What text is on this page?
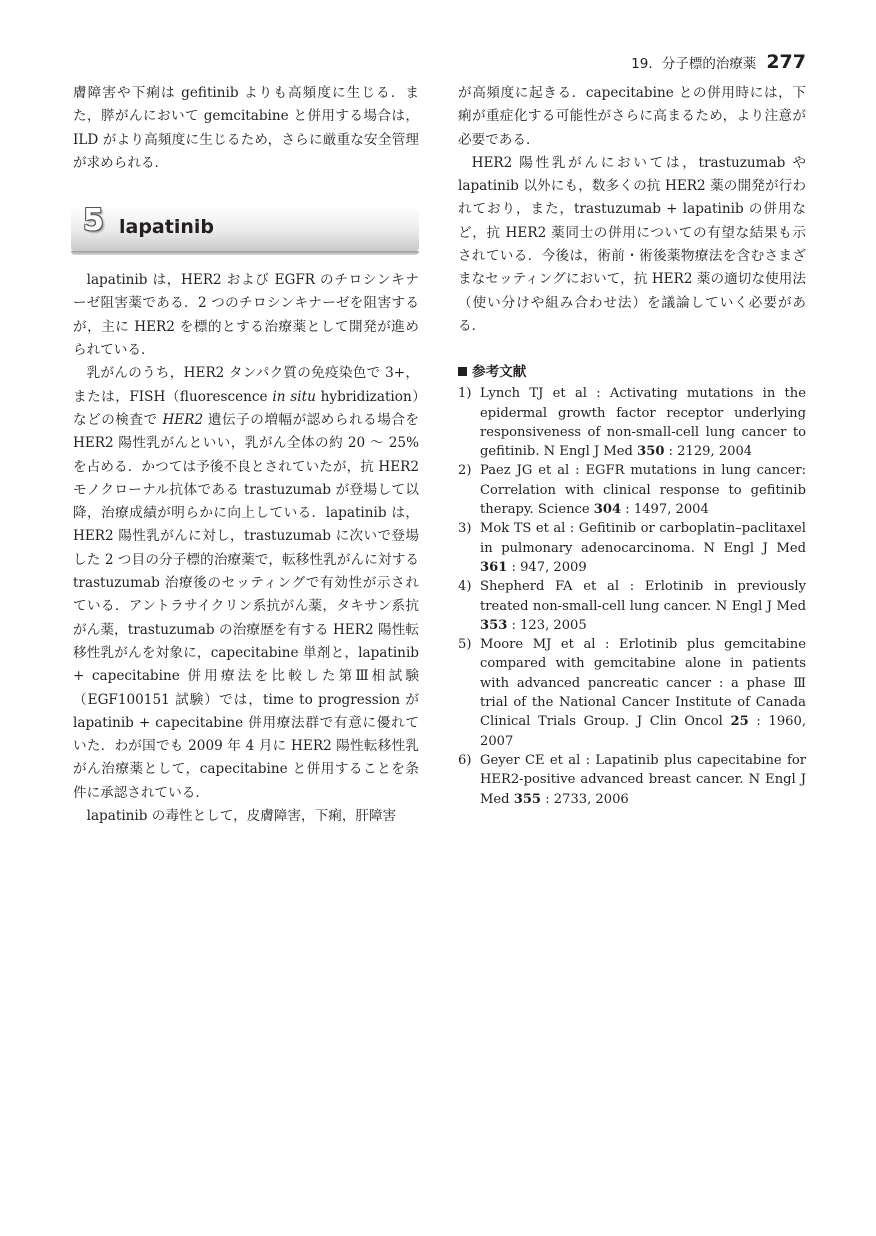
19．分子標的治療薬 277

膚障害や下痢は gefitinib よりも高頻度に生じる．また，膵がんにおいて gemcitabine と併用する場合は，ILD がより高頻度に生じるため，さらに厳重な安全管理が求められる．

5 lapatinib

lapatinib は，HER2 および EGFR のチロシンキナーゼ阻害薬である．2 つのチロシンキナーゼを阻害するが，主に HER2 を標的とする治療薬として開発が進められている．

乳がんのうち，HER2 タンパク質の免疫染色で 3+，または，FISH（fluorescence in situ hybridization）などの検査で HER2 遺伝子の増幅が認められる場合を HER2 陽性乳がんといい，乳がん全体の約 20 ～ 25%を占める．かつては予後不良とされていたが，抗 HER2 モノクローナル抗体である trastuzumab が登場して以降，治療成績が明らかに向上している．lapatinib は，HER2 陽性乳がんに対し，trastuzumab に次いで登場した 2 つ目の分子標的治療薬で，転移性乳がんに対する trastuzumab 治療後のセッティングで有効性が示されている．アントラサイクリン系抗がん薬，タキサン系抗がん薬，trastuzumab の治療歴を有する HER2 陽性転移性乳がんを対象に，capecitabine 単剤と，lapatinib + capecitabine 併用療法を比較した第Ⅲ相試験（EGF100151 試験）では，time to progression が lapatinib + capecitabine 併用療法群で有意に優れていた．わが国でも 2009 年 4 月に HER2 陽性転移性乳がん治療薬として，capecitabine と併用することを条件に承認されている．

lapatinib の毒性として，皮膚障害，下痢，肝障害

が高頻度に起きる．capecitabine との併用時には，下痢が重症化する可能性がさらに高まるため，より注意が必要である．

HER2 陽性乳がんにおいては，trastuzumab や lapatinib 以外にも，数多くの抗 HER2 薬の開発が行われており，また，trastuzumab + lapatinib の併用など，抗 HER2 薬同士の併用についての有望な結果も示されている．今後は，術前・術後薬物療法を含むさまざまなセッティングにおいて，抗 HER2 薬の適切な使用法（使い分けや組み合わせ法）を議論していく必要がある．

参考文献
1) Lynch TJ et al : Activating mutations in the epidermal growth factor receptor underlying responsiveness of non-small-cell lung cancer to gefitinib. N Engl J Med 350 : 2129, 2004
2) Paez JG et al : EGFR mutations in lung cancer: Correlation with clinical response to gefitinib therapy. Science 304 : 1497, 2004
3) Mok TS et al : Gefitinib or carboplatin–paclitaxel in pulmonary adenocarcinoma. N Engl J Med 361 : 947, 2009
4) Shepherd FA et al : Erlotinib in previously treated non-small-cell lung cancer. N Engl J Med 353 : 123, 2005
5) Moore MJ et al : Erlotinib plus gemcitabine compared with gemcitabine alone in patients with advanced pancreatic cancer : a phase Ⅲ trial of the National Cancer Institute of Canada Clinical Trials Group. J Clin Oncol 25 : 1960, 2007
6) Geyer CE et al : Lapatinib plus capecitabine for HER2-positive advanced breast cancer. N Engl J Med 355 : 2733, 2006
